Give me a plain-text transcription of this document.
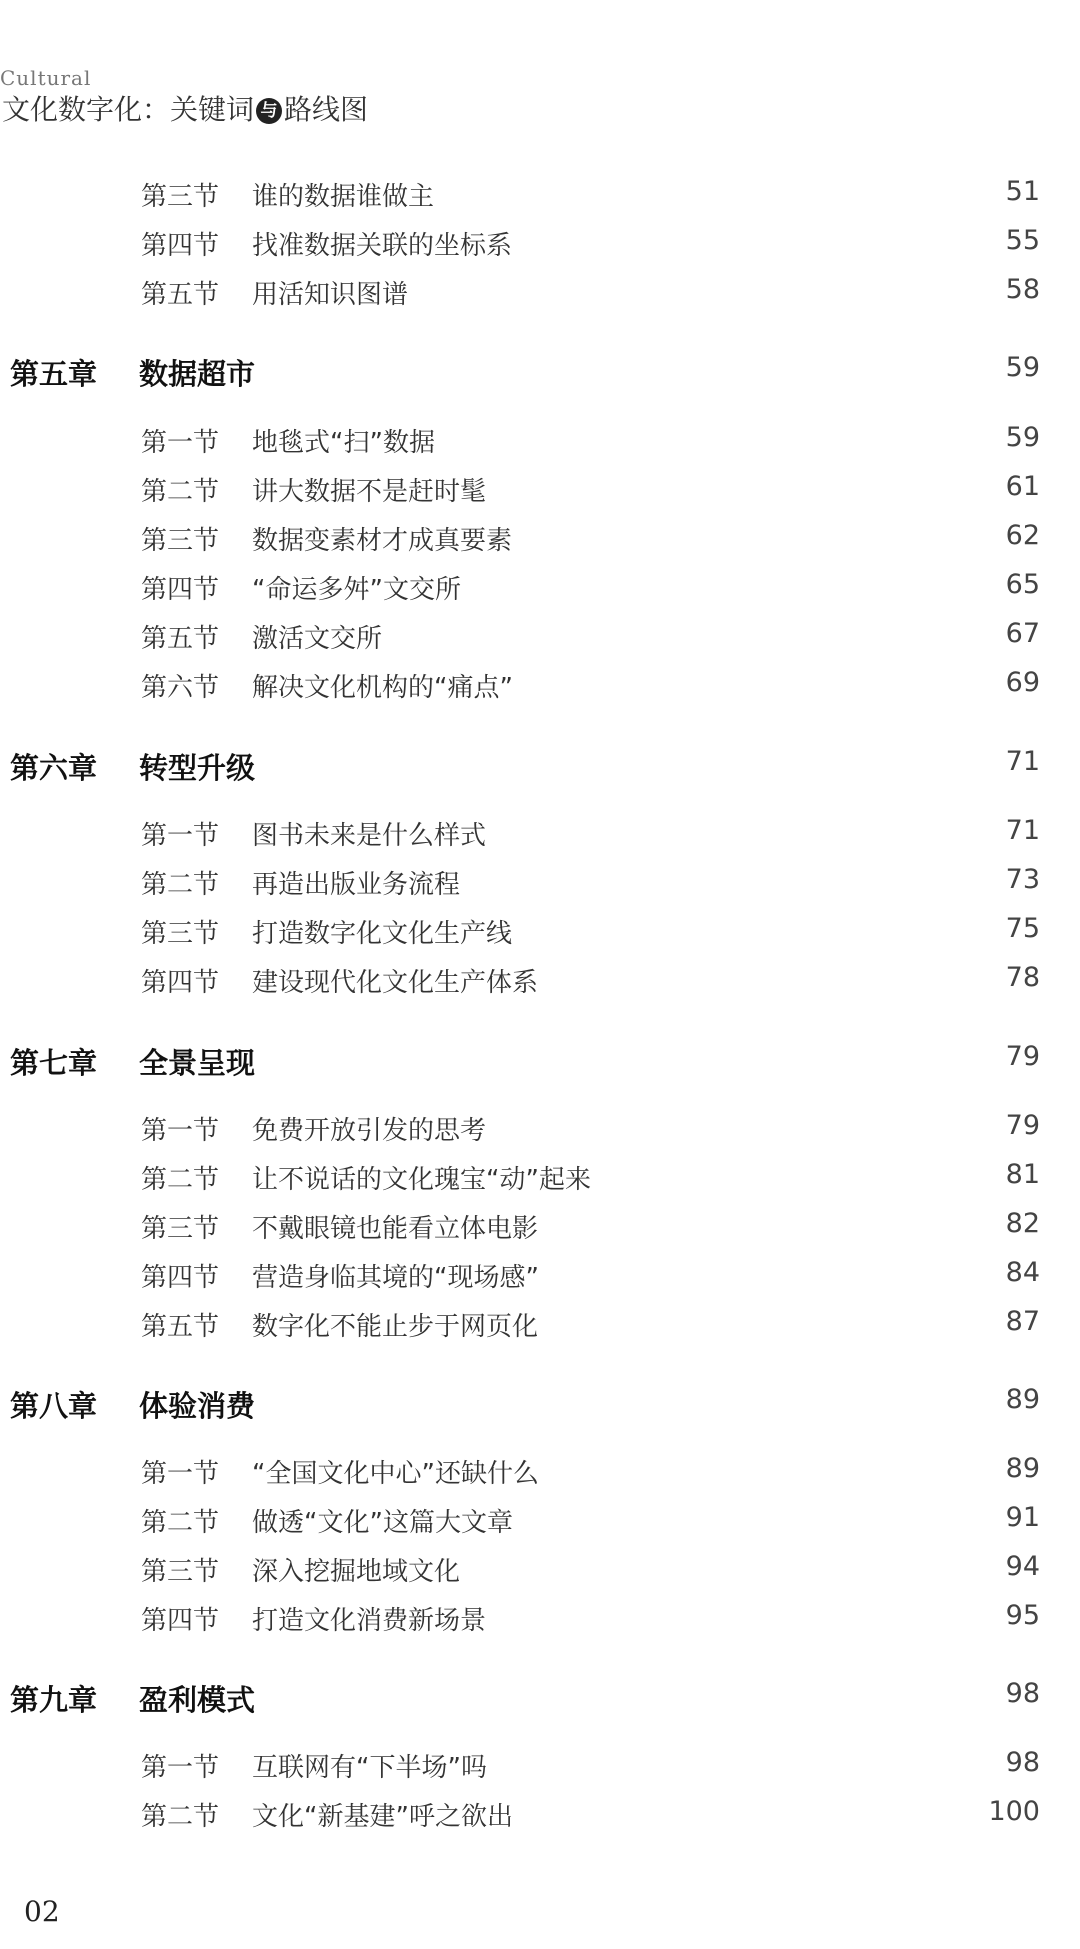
Cultural
文化数字化：关键词 与 路线图
第三节 谁的数据谁做主	51
第四节 找准数据关联的坐标系	55
第五节 用活知识图谱	58
第五章 数据超市	59
第一节 地毯式“扫”数据	59
第二节 讲大数据不是赶时髦	61
第三节 数据变素材才成真要素	62
第四节 “命运多舛”文交所	65
第五节 激活文交所	67
第六节 解决文化机构的“痛点”	69
第六章 转型升级	71
第一节 图书未来是什么样式	71
第二节 再造出版业务流程	73
第三节 打造数字化文化生产线	75
第四节 建设现代化文化生产体系	78
第七章 全景呈现	79
第一节 免费开放引发的思考	79
第二节 让不说话的文化瑰宝“动”起来	81
第三节 不戴眼镜也能看立体电影	82
第四节 营造身临其境的“现场感”	84
第五节 数字化不能止步于网页化	87
第八章 体验消费	89
第一节 “全国文化中心”还缺什么	89
第二节 做透“文化”这篇大文章	91
第三节 深入挖掘地域文化	94
第四节 打造文化消费新场景	95
第九章 盈利模式	98
第一节 互联网有“下半场”吗	98
第二节 文化“新基建”呼之欲出	100
02
